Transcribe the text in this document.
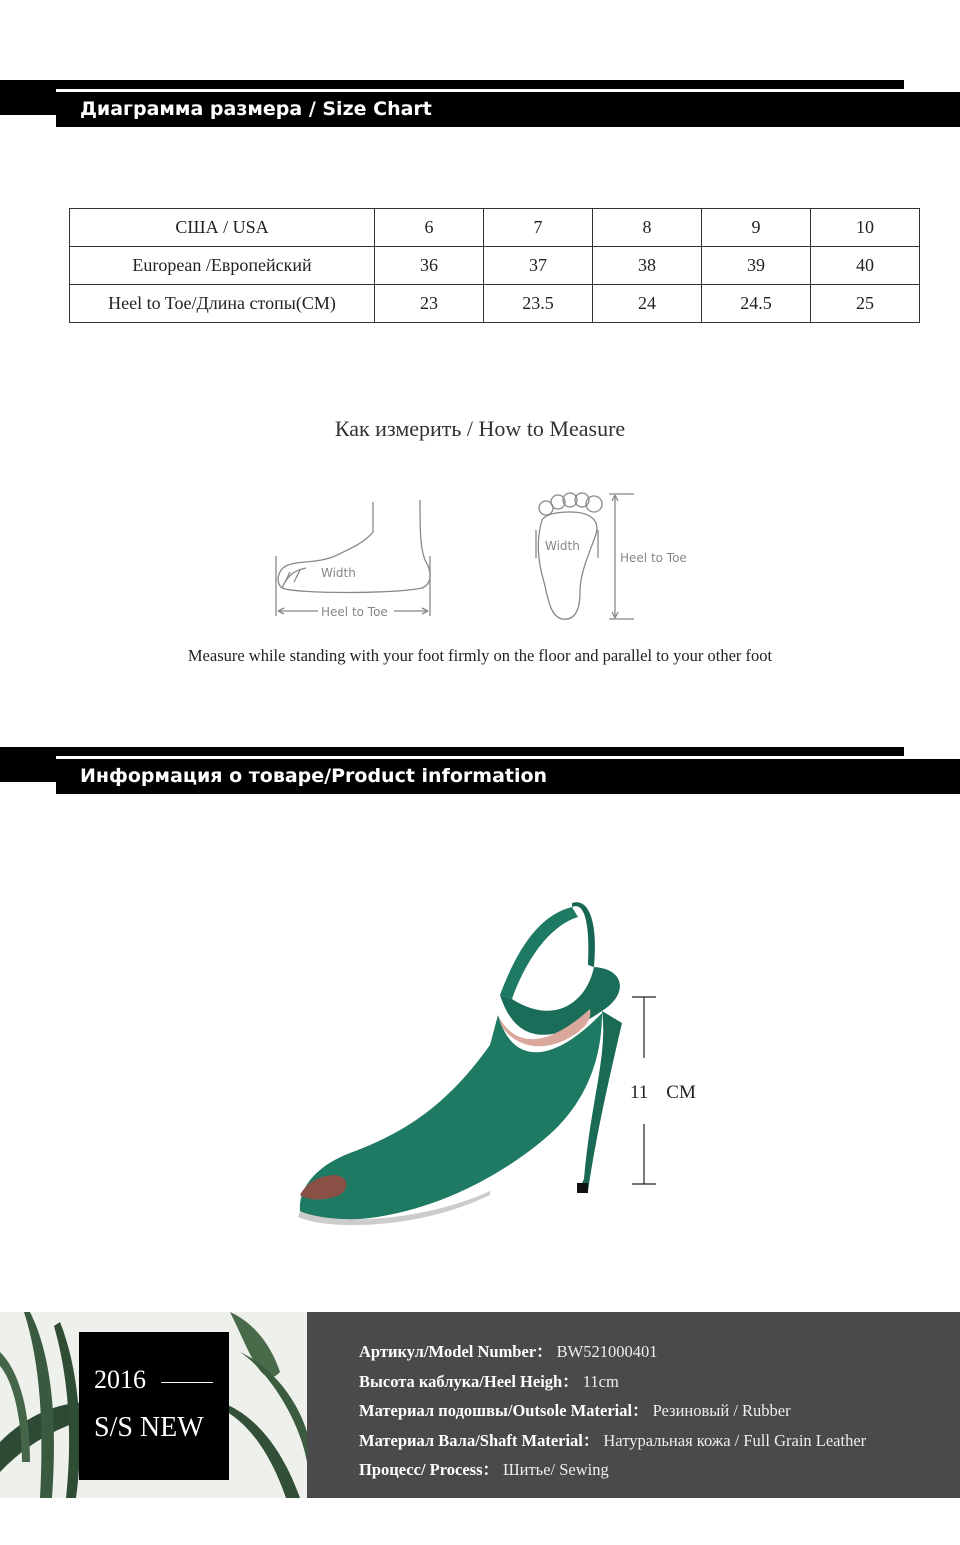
Диаграмма размера / Size Chart
США / USA	6	7	8	9	10
European /Европейский	36	37	38	39	40
Heel to Toe/Длина стопы(CM)	23	23.5	24	24.5	25
Как измерить / How to Measure
Width
Heel to Toe
Width
Heel to Toe
Measure while standing with your foot firmly on the floor and parallel to your other foot
Информация о товаре/Product information
11 CM
2016
S/S NEW
Артикул/Model Number： BW521000401
Высота каблука/Heel Heigh： 11cm
Материал подошвы/Outsole Material： Резиновый / Rubber
Материал Вала/Shaft Material： Натуральная кожа / Full Grain Leather
Процесс/ Process： Шитье/ Sewing
